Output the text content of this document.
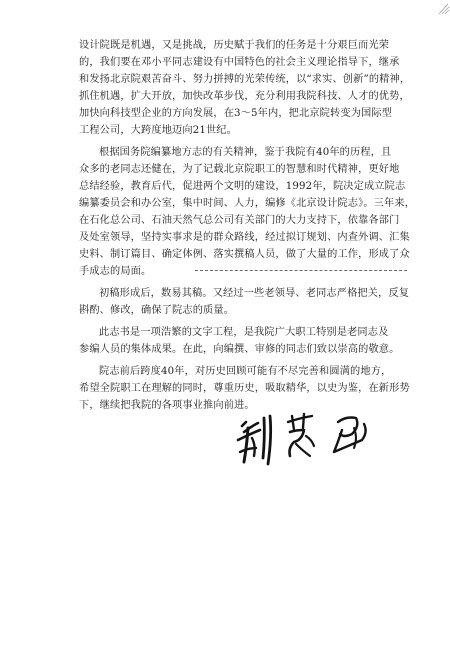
设计院既是机遇，又是挑战，历史赋于我们的任务是十分艰巨而光荣
的，我们要在邓小平同志建设有中国特色的社会主义理论指导下，继承
和发扬北京院艰苦奋斗、努力拼搏的光荣传统，以“求实、创新”的精神，
抓住机遇，扩大开放，加快改革步伐，充分利用我院科技、人才的优势，
加快向科技型企业的方向发展，在3～5年内，把北京院转变为国际型
工程公司，大跨度地迈向21世纪。
根据国务院编纂地方志的有关精神，鉴于我院有40年的历程，且
众多的老同志还健在，为了记载北京院职工的智慧和时代精神，更好地
总结经验，教育后代，促进两个文明的建设，1992年，院决定成立院志
编纂委员会和办公室，集中时间、人力，编修《北京设计院志》。三年来，
在石化总公司、石油天然气总公司有关部门的大力支持下，依靠各部门
及处室领导，坚持实事求是的群众路线，经过拟订规划、内查外调、汇集
史料、制订篇目、确定体例、落实撰稿人员，做了大量的工作，形成了众
手成志的局面。
初稿形成后，数易其稿。又经过一些老领导、老同志严格把关，反复
斟酌、修改，确保了院志的质量。
此志书是一项浩繁的文字工程，是我院广大职工特别是老同志及
参编人员的集体成果。在此，向编撰、审修的同志们致以崇高的敬意。
院志前后跨度40年，对历史回顾可能有不尽完善和圆满的地方，
希望全院职工在理解的同时，尊重历史，吸取精华，以史为鉴，在新形势
下，继续把我院的各项事业推向前进。
